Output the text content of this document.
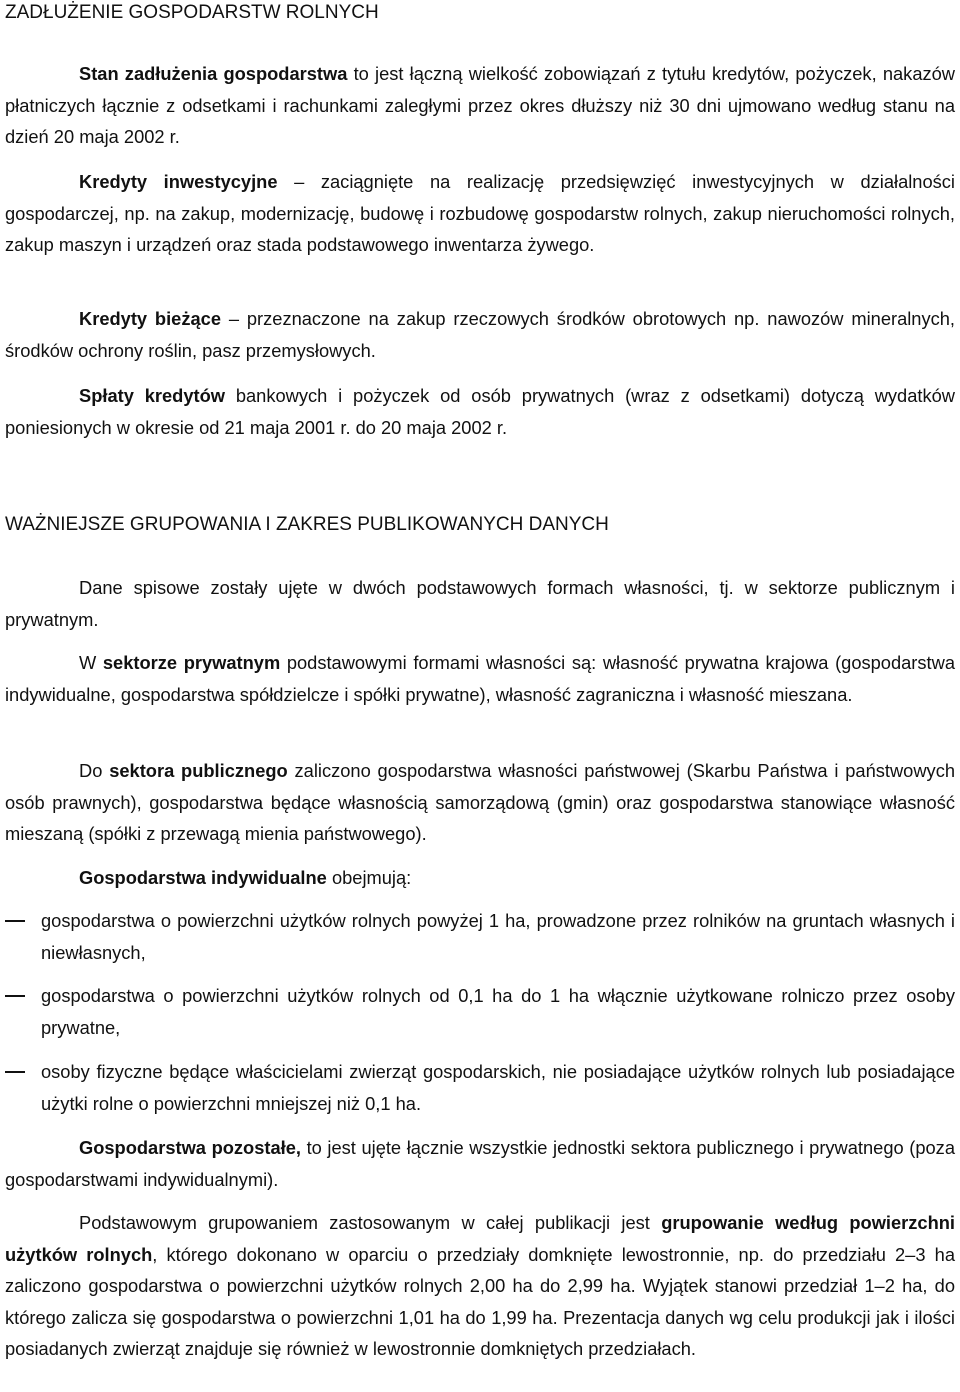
ZADŁUŻENIE GOSPODARSTW ROLNYCH

Stan zadłużenia gospodarstwa to jest łączną wielkość zobowiązań z tytułu kredytów, pożyczek, nakazów płatniczych łącznie z odsetkami i rachunkami zaległymi przez okres dłuższy niż 30 dni ujmowano według stanu na dzień 20 maja 2002 r.

Kredyty inwestycyjne – zaciągnięte na realizację przedsięwzięć inwestycyjnych w działalności gospodarczej, np. na zakup, modernizację, budowę i rozbudowę gospodarstw rolnych, zakup nieruchomości rolnych, zakup maszyn i urządzeń oraz stada podstawowego inwentarza żywego.

Kredyty bieżące – przeznaczone na zakup rzeczowych środków obrotowych np. nawozów mineralnych, środków ochrony roślin, pasz przemysłowych.

Spłaty kredytów bankowych i pożyczek od osób prywatnych (wraz z odsetkami) dotyczą wydatków poniesionych w okresie od 21 maja 2001 r. do 20 maja 2002 r.

WAŻNIEJSZE GRUPOWANIA I ZAKRES PUBLIKOWANYCH DANYCH

Dane spisowe zostały ujęte w dwóch podstawowych formach własności, tj. w sektorze publicznym i prywatnym.

W sektorze prywatnym podstawowymi formami własności są: własność prywatna krajowa (gospodarstwa indywidualne, gospodarstwa spółdzielcze i spółki prywatne), własność zagraniczna i własność mieszana.

Do sektora publicznego zaliczono gospodarstwa własności państwowej (Skarbu Państwa i państwowych osób prawnych), gospodarstwa będące własnością samorządową (gmin) oraz gospodarstwa stanowiące własność mieszaną (spółki z przewagą mienia państwowego).

Gospodarstwa indywidualne obejmują:

gospodarstwa o powierzchni użytków rolnych powyżej 1 ha, prowadzone przez rolników na gruntach własnych i niewłasnych,

gospodarstwa o powierzchni użytków rolnych od 0,1 ha do 1 ha włącznie użytkowane rolniczo przez osoby prywatne,

osoby fizyczne będące właścicielami zwierząt gospodarskich, nie posiadające użytków rolnych lub posiadające użytki rolne o powierzchni mniejszej niż 0,1 ha.

Gospodarstwa pozostałe, to jest ujęte łącznie wszystkie jednostki sektora publicznego i prywatnego (poza gospodarstwami indywidualnymi).

Podstawowym grupowaniem zastosowanym w całej publikacji jest grupowanie według powierzchni użytków rolnych, którego dokonano w oparciu o przedziały domknięte lewostronnie, np. do przedziału 2–3 ha zaliczono gospodarstwa o powierzchni użytków rolnych 2,00 ha do 2,99 ha. Wyjątek stanowi przedział 1–2 ha, do którego zalicza się gospodarstwa o powierzchni 1,01 ha do 1,99 ha. Prezentacja danych wg celu produkcji jak i ilości posiadanych zwierząt znajduje się również w lewostronnie domkniętych przedziałach.
